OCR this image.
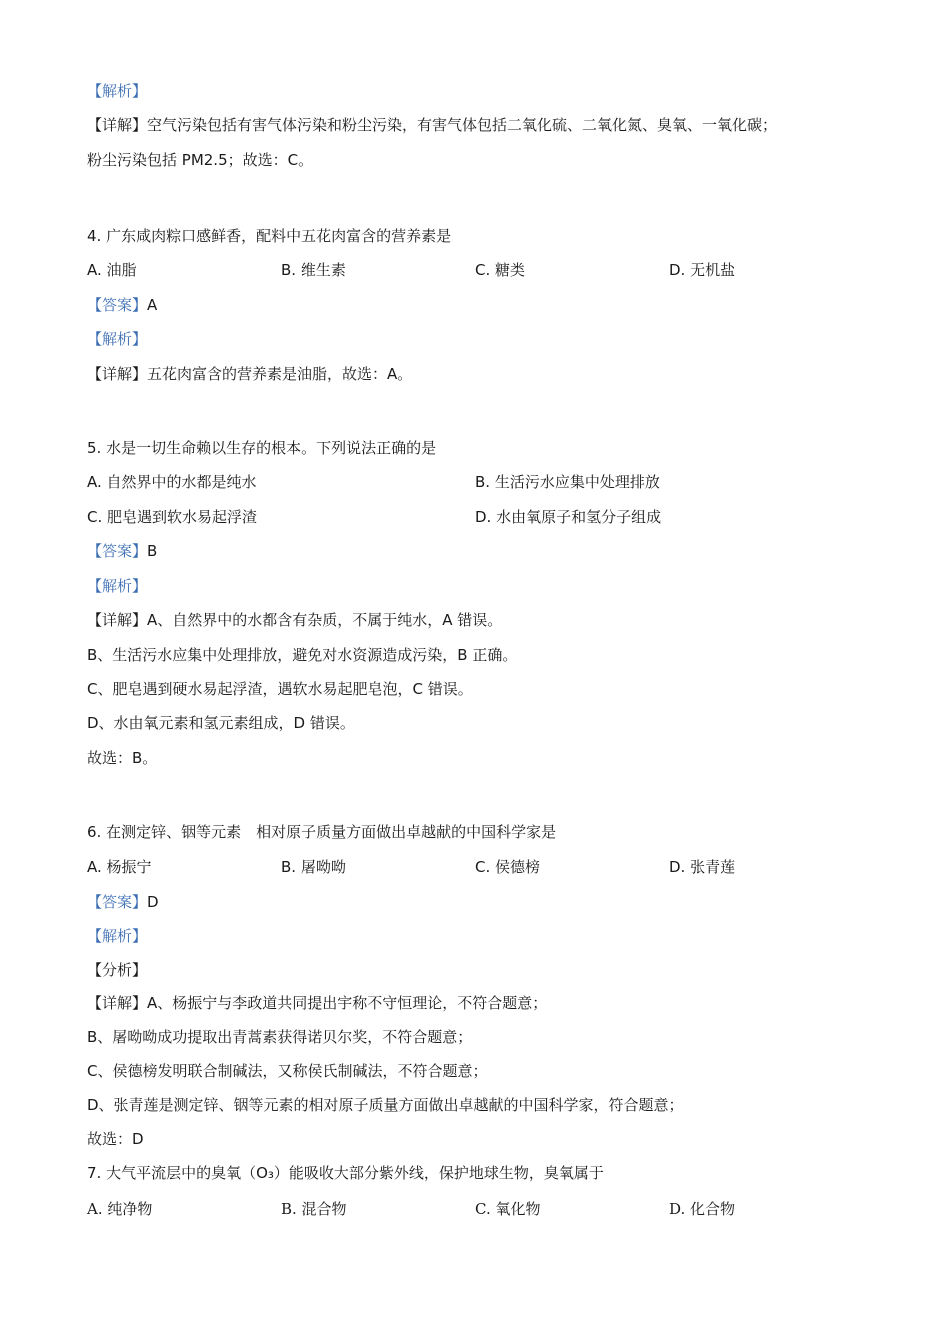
【解析】
【详解】空气污染包括有害气体污染和粉尘污染，有害气体包括二氧化硫、二氧化氮、臭氧、一氧化碳；
粉尘污染包括 PM2.5；故选：C。
4. 广东咸肉粽口感鲜香，配料中五花肉富含的营养素是
A. 油脂	B. 维生素	C. 糖类	D. 无机盐
【答案】A
【解析】
【详解】五花肉富含的营养素是油脂，故选：A。
5. 水是一切生命赖以生存的根本。下列说法正确的是
A. 自然界中的水都是纯水	B. 生活污水应集中处理排放
C. 肥皂遇到软水易起浮渣	D. 水由氧原子和氢分子组成
【答案】B
【解析】
【详解】A、自然界中的水都含有杂质，不属于纯水，A 错误。
B、生活污水应集中处理排放，避免对水资源造成污染，B 正确。
C、肥皂遇到硬水易起浮渣，遇软水易起肥皂泡，C 错误。
D、水由氧元素和氢元素组成，D 错误。
故选：B。
6. 在测定锌、铟等元素　相对原子质量方面做出卓越献的中国科学家是
A. 杨振宁	B. 屠呦呦	C. 侯德榜	D. 张青莲
【答案】D
【解析】
【分析】
【详解】A、杨振宁与李政道共同提出宇称不守恒理论，不符合题意；
B、屠呦呦成功提取出青蒿素获得诺贝尔奖，不符合题意；
C、侯德榜发明联合制碱法，又称侯氏制碱法，不符合题意；
D、张青莲是测定锌、铟等元素的相对原子质量方面做出卓越献的中国科学家，符合题意；
故选：D
7. 大气平流层中的臭氧（O₃）能吸收大部分紫外线，保护地球生物，臭氧属于
A. 纯净物	B. 混合物	C. 氧化物	D. 化合物
